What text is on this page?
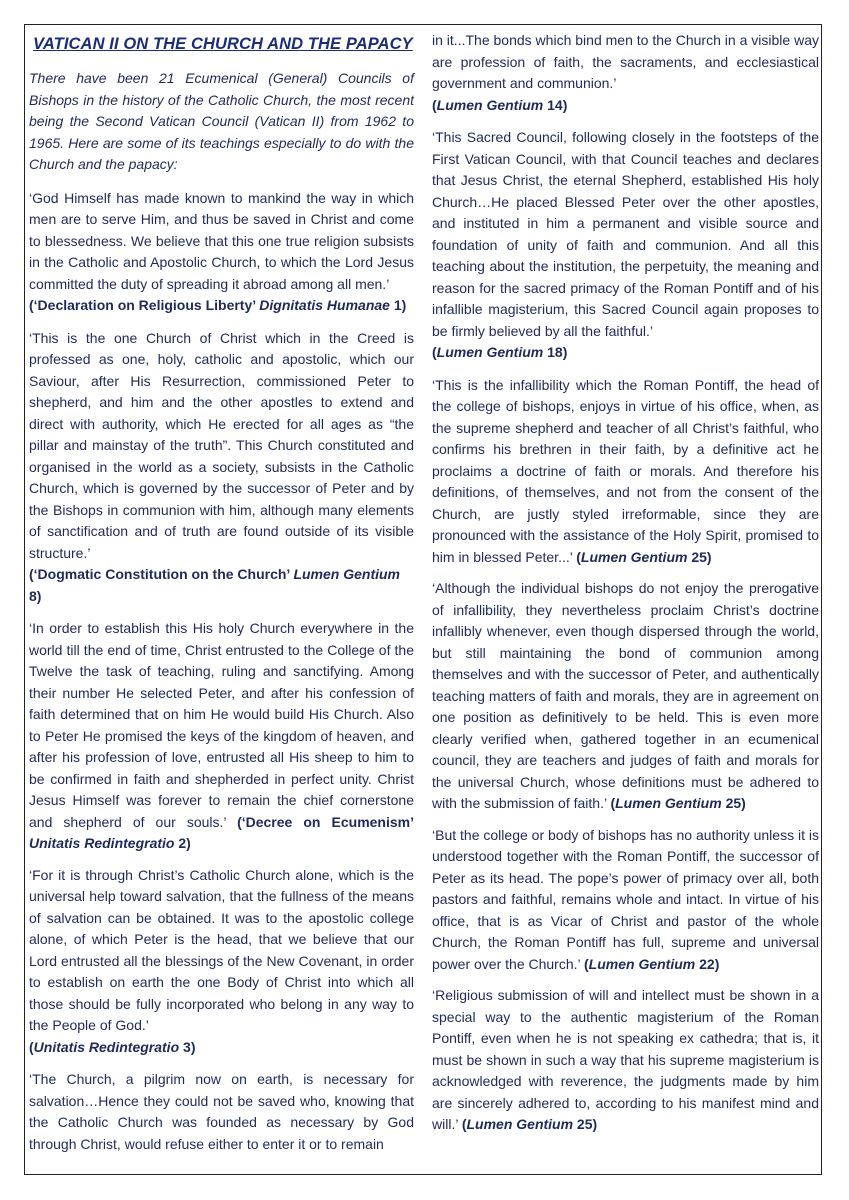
VATICAN II ON THE CHURCH AND THE PAPACY

There have been 21 Ecumenical (General) Councils of Bishops in the history of the Catholic Church, the most recent being the Second Vatican Council (Vatican II) from 1962 to 1965. Here are some of its teachings especially to do with the Church and the papacy:

‘God Himself has made known to mankind the way in which men are to serve Him, and thus be saved in Christ and come to blessedness. We believe that this one true religion subsists in the Catholic and Apostolic Church, to which the Lord Jesus committed the duty of spreading it abroad among all men.’

(‘Declaration on Religious Liberty’ Dignitatis Humanae 1)

‘This is the one Church of Christ which in the Creed is professed as one, holy, catholic and apostolic, which our Saviour, after His Resurrection, commissioned Peter to shepherd, and him and the other apostles to extend and direct with authority, which He erected for all ages as “the pillar and mainstay of the truth”. This Church constituted and organised in the world as a society, subsists in the Catholic Church, which is governed by the successor of Peter and by the Bishops in communion with him, although many elements of sanctification and of truth are found outside of its visible structure.’

(‘Dogmatic Constitution on the Church’ Lumen Gentium 8)

‘In order to establish this His holy Church everywhere in the world till the end of time, Christ entrusted to the College of the Twelve the task of teaching, ruling and sanctifying. Among their number He selected Peter, and after his confession of faith determined that on him He would build His Church. Also to Peter He promised the keys of the kingdom of heaven, and after his profession of love, entrusted all His sheep to him to be confirmed in faith and shepherded in perfect unity. Christ Jesus Himself was forever to remain the chief cornerstone and shepherd of our souls.’ (‘Decree on Ecumenism’ Unitatis Redintegratio 2)

‘For it is through Christ’s Catholic Church alone, which is the universal help toward salvation, that the fullness of the means of salvation can be obtained. It was to the apostolic college alone, of which Peter is the head, that we believe that our Lord entrusted all the blessings of the New Covenant, in order to establish on earth the one Body of Christ into which all those should be fully incorporated who belong in any way to the People of God.’

(Unitatis Redintegratio 3)

‘The Church, a pilgrim now on earth, is necessary for salvation…Hence they could not be saved who, knowing that the Catholic Church was founded as necessary by God through Christ, would refuse either to enter it or to remain

in it...The bonds which bind men to the Church in a visible way are profession of faith, the sacraments, and ecclesiastical government and communion.’

(Lumen Gentium 14)

‘This Sacred Council, following closely in the footsteps of the First Vatican Council, with that Council teaches and declares that Jesus Christ, the eternal Shepherd, established His holy Church…He placed Blessed Peter over the other apostles, and instituted in him a permanent and visible source and foundation of unity of faith and communion. And all this teaching about the institution, the perpetuity, the meaning and reason for the sacred primacy of the Roman Pontiff and of his infallible magisterium, this Sacred Council again proposes to be firmly believed by all the faithful.’

(Lumen Gentium 18)

‘This is the infallibility which the Roman Pontiff, the head of the college of bishops, enjoys in virtue of his office, when, as the supreme shepherd and teacher of all Christ’s faithful, who confirms his brethren in their faith, by a definitive act he proclaims a doctrine of faith or morals. And therefore his definitions, of themselves, and not from the consent of the Church, are justly styled irreformable, since they are pronounced with the assistance of the Holy Spirit, promised to him in blessed Peter...’ (Lumen Gentium 25)

‘Although the individual bishops do not enjoy the prerogative of infallibility, they nevertheless proclaim Christ’s doctrine infallibly whenever, even though dispersed through the world, but still maintaining the bond of communion among themselves and with the successor of Peter, and authentically teaching matters of faith and morals, they are in agreement on one position as definitively to be held. This is even more clearly verified when, gathered together in an ecumenical council, they are teachers and judges of faith and morals for the universal Church, whose definitions must be adhered to with the submission of faith.’ (Lumen Gentium 25)

‘But the college or body of bishops has no authority unless it is understood together with the Roman Pontiff, the successor of Peter as its head. The pope’s power of primacy over all, both pastors and faithful, remains whole and intact. In virtue of his office, that is as Vicar of Christ and pastor of the whole Church, the Roman Pontiff has full, supreme and universal power over the Church.’ (Lumen Gentium 22)

‘Religious submission of will and intellect must be shown in a special way to the authentic magisterium of the Roman Pontiff, even when he is not speaking ex cathedra; that is, it must be shown in such a way that his supreme magisterium is acknowledged with reverence, the judgments made by him are sincerely adhered to, according to his manifest mind and will.’ (Lumen Gentium 25)
